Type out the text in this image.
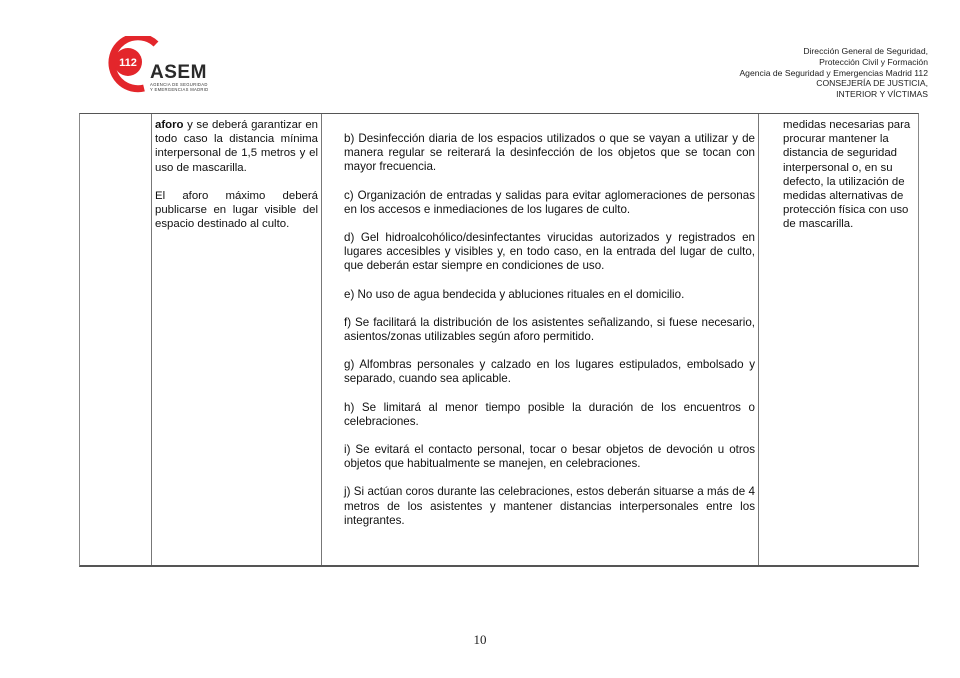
112 ASEM
AGENCIA DE SEGURIDAD
Y EMERGENCIAS MADRID
Dirección General de Seguridad,
Protección Civil y Formación
Agencia de Seguridad y Emergencias Madrid 112
CONSEJERÍA DE JUSTICIA,
INTERIOR Y VÍCTIMAS

aforo y se deberá garantizar en todo caso la distancia mínima interpersonal de 1,5 metros y el uso de mascarilla.

El aforo máximo deberá publicarse en lugar visible del espacio destinado al culto.

b) Desinfección diaria de los espacios utilizados o que se vayan a utilizar y de manera regular se reiterará la desinfección de los objetos que se tocan con mayor frecuencia.

c) Organización de entradas y salidas para evitar aglomeraciones de personas en los accesos e inmediaciones de los lugares de culto.

d) Gel hidroalcohólico/desinfectantes virucidas autorizados y registrados en lugares accesibles y visibles y, en todo caso, en la entrada del lugar de culto, que deberán estar siempre en condiciones de uso.

e) No uso de agua bendecida y abluciones rituales en el domicilio.

f) Se facilitará la distribución de los asistentes señalizando, si fuese necesario, asientos/zonas utilizables según aforo permitido.

g) Alfombras personales y calzado en los lugares estipulados, embolsado y separado, cuando sea aplicable.

h) Se limitará al menor tiempo posible la duración de los encuentros o celebraciones.

i) Se evitará el contacto personal, tocar o besar objetos de devoción u otros objetos que habitualmente se manejen, en celebraciones.

j) Si actúan coros durante las celebraciones, estos deberán situarse a más de 4 metros de los asistentes y mantener distancias interpersonales entre los integrantes.

medidas necesarias para procurar mantener la distancia de seguridad interpersonal o, en su defecto, la utilización de medidas alternativas de protección física con uso de mascarilla.

10
